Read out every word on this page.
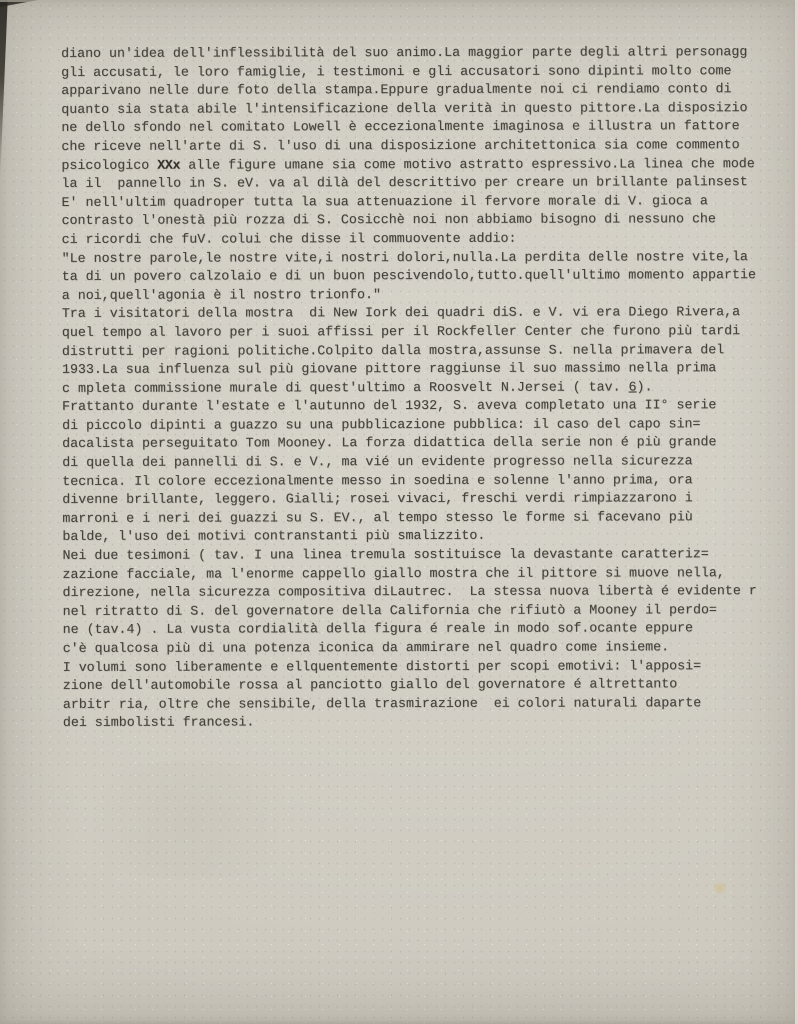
diano un'idea dell'inflessibilità del suo animo.La maggior parte degli altri personagg
gli accusati, le loro famiglie, i testimoni e gli accusatori sono dipinti molto come
apparivano nelle dure foto della stampa.Eppure gradualmente noi ci rendiamo conto di
quanto sia stata abile l'intensificazione della verità in questo pittore.La disposizio
ne dello sfondo nel comitato Lowell è eccezionalmente imaginosa e illustra un fattore
che riceve nell'arte di S. l'uso di una disposizione architettonica sia come commento
psicologico XXx alle figure umane sia come motivo astratto espressivo.La linea che mode
la il  pannello in S. eV. va al dilà del descrittivo per creare un brillante palinsest
E' nell'ultim quadroper tutta la sua attenuazione il fervore morale di V. gioca a
contrasto l'onestà più rozza di S. Cosicchè noi non abbiamo bisogno di nessuno che
ci ricordi che fuV. colui che disse il commuovente addio:
"Le nostre parole,le nostre vite,i nostri dolori,nulla.La perdita delle nostre vite,la
ta di un povero calzolaio e di un buon pescivendolo,tutto.quell'ultimo momento appartie
a noi,quell'agonia è il nostro trionfo."
Tra i visitatori della mostra  di New Iork dei quadri diS. e V. vi era Diego Rivera,a
quel tempo al lavoro per i suoi affissi per il Rockfeller Center che furono più tardi
distrutti per ragioni politiche.Colpito dalla mostra,assunse S. nella primavera del
1933.La sua influenza sul più giovane pittore raggiunse il suo massimo nella prima
c mpleta commissione murale di quest'ultimo a Roosvelt N.Jersei ( tav. 6).
Frattanto durante l'estate e l'autunno del 1932, S. aveva completato una II° serie
di piccolo dipinti a guazzo su una pubblicazione pubblica: il caso del capo sin=
dacalista perseguitato Tom Mooney. La forza didattica della serie non é più grande
di quella dei pannelli di S. e V., ma vié un evidente progresso nella sicurezza
tecnica. Il colore eccezionalmente messo in soedina e solenne l'anno prima, ora
divenne brillante, leggero. Gialli; rosei vivaci, freschi verdi rimpiazzarono i
marroni e i neri dei guazzi su S. EV., al tempo stesso le forme si facevano più
balde, l'uso dei motivi contranstanti più smalizzito.
Nei due tesimoni ( tav. I una linea tremula sostituisce la devastante caratteriz=
zazione facciale, ma l'enorme cappello giallo mostra che il pittore si muove nella,
direzione, nella sicurezza compositiva diLautrec.  La stessa nuova libertà é evidente r
nel ritratto di S. del governatore della California che rifiutò a Mooney il perdo=
ne (tav.4) . La vusta cordialità della figura é reale in modo sof.ocante eppure
c'è qualcosa più di una potenza iconica da ammirare nel quadro come insieme.
I volumi sono liberamente e ellquentemente distorti per scopi emotivi: l'apposi=
zione dell'automobile rossa al panciotto giallo del governatore é altrettanto
arbitr ria, oltre che sensibile, della trasmirazione  ei colori naturali daparte
dei simbolisti francesi.
